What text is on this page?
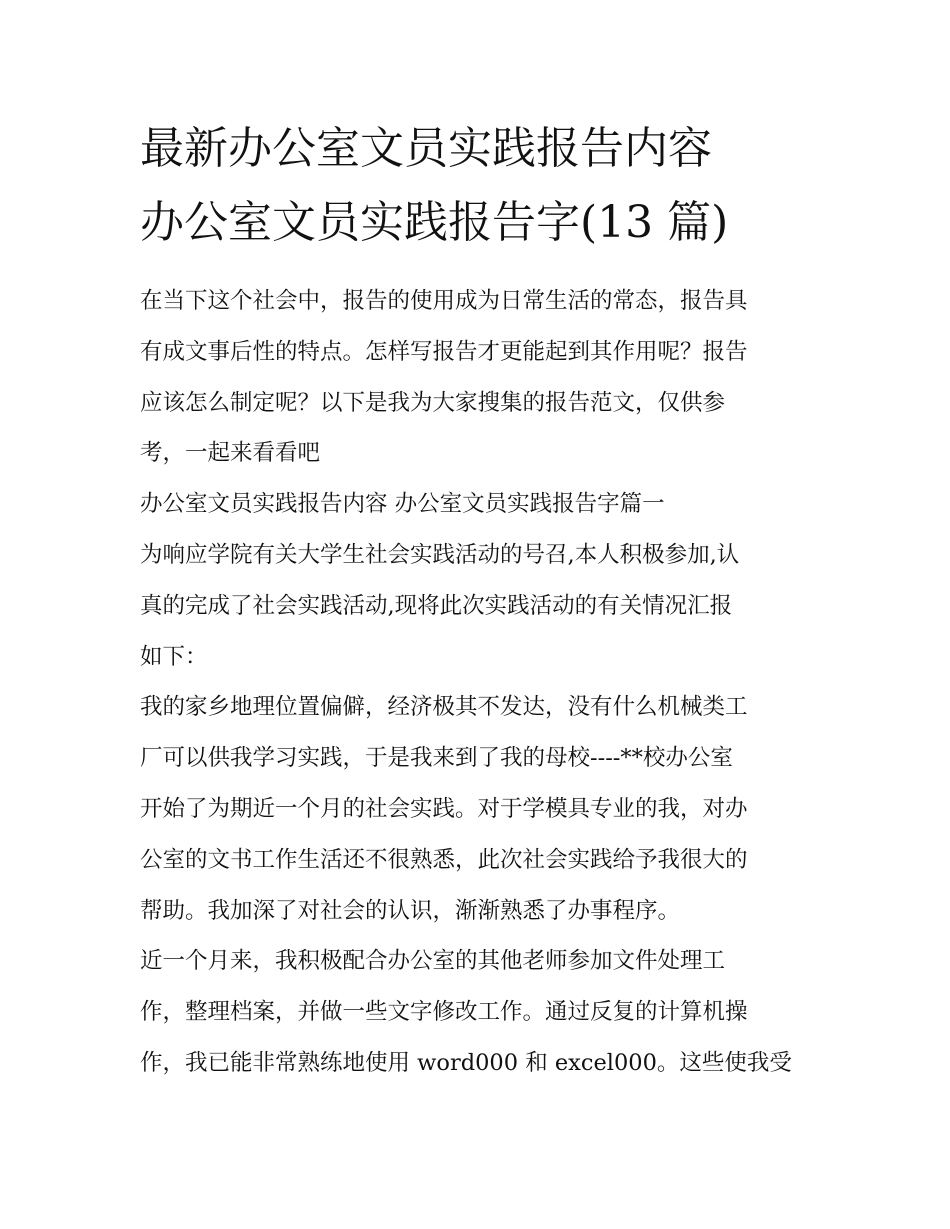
最新办公室文员实践报告内容
办公室文员实践报告字(13 篇)
在当下这个社会中，报告的使用成为日常生活的常态，报告具
有成文事后性的特点。怎样写报告才更能起到其作用呢？报告
应该怎么制定呢？以下是我为大家搜集的报告范文，仅供参
考，一起来看看吧
办公室文员实践报告内容 办公室文员实践报告字篇一
为响应学院有关大学生社会实践活动的号召,本人积极参加,认
真的完成了社会实践活动,现将此次实践活动的有关情况汇报
如下：
我的家乡地理位置偏僻，经济极其不发达，没有什么机械类工
厂可以供我学习实践，于是我来到了我的母校----**校办公室
开始了为期近一个月的社会实践。对于学模具专业的我，对办
公室的文书工作生活还不很熟悉，此次社会实践给予我很大的
帮助。我加深了对社会的认识，渐渐熟悉了办事程序。
近一个月来，我积极配合办公室的其他老师参加文件处理工
作，整理档案，并做一些文字修改工作。通过反复的计算机操
作，我已能非常熟练地使用 word000 和 excel000。这些使我受
